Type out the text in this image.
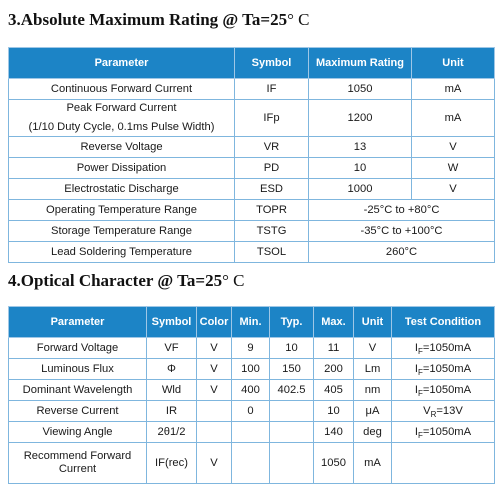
3.Absolute Maximum Rating @ Ta=25° C
Parameter	Symbol	Maximum Rating	Unit
Continuous Forward Current	IF	1050	mA

Peak Forward Current
(1/10 Duty Cycle, 0.1ms Pulse Width)	IFp	1200	mA
Reverse Voltage	VR	13	V
Power Dissipation	PD	10	W
Electrostatic Discharge	ESD	1000	V
Operating Temperature Range	TOPR	-25°C to +80°C	
Storage Temperature Range	TSTG	-35°C to +100°C	
Lead Soldering Temperature	TSOL	260°C	
4.Optical Character @ Ta=25° C
Parameter	Symbol	Color	Min.	Typ.	Max.	Unit	Test Condition
Forward Voltage	VF	V	9	10	11	V	$I_F=1050mA$
Luminous Flux	Φ	V	100	150	200	Lm	$I_F=1050mA$
Dominant Wavelength	Wld	V	400	402.5	405	nm	$I_F=1050mA$
Reverse Current	IR		0		10	μA	$V_R=13V$
Viewing Angle	2θ1/2				140	deg	$I_F=1050mA$
Recommend Forward Current	IF(rec)	V			1050	mA	
